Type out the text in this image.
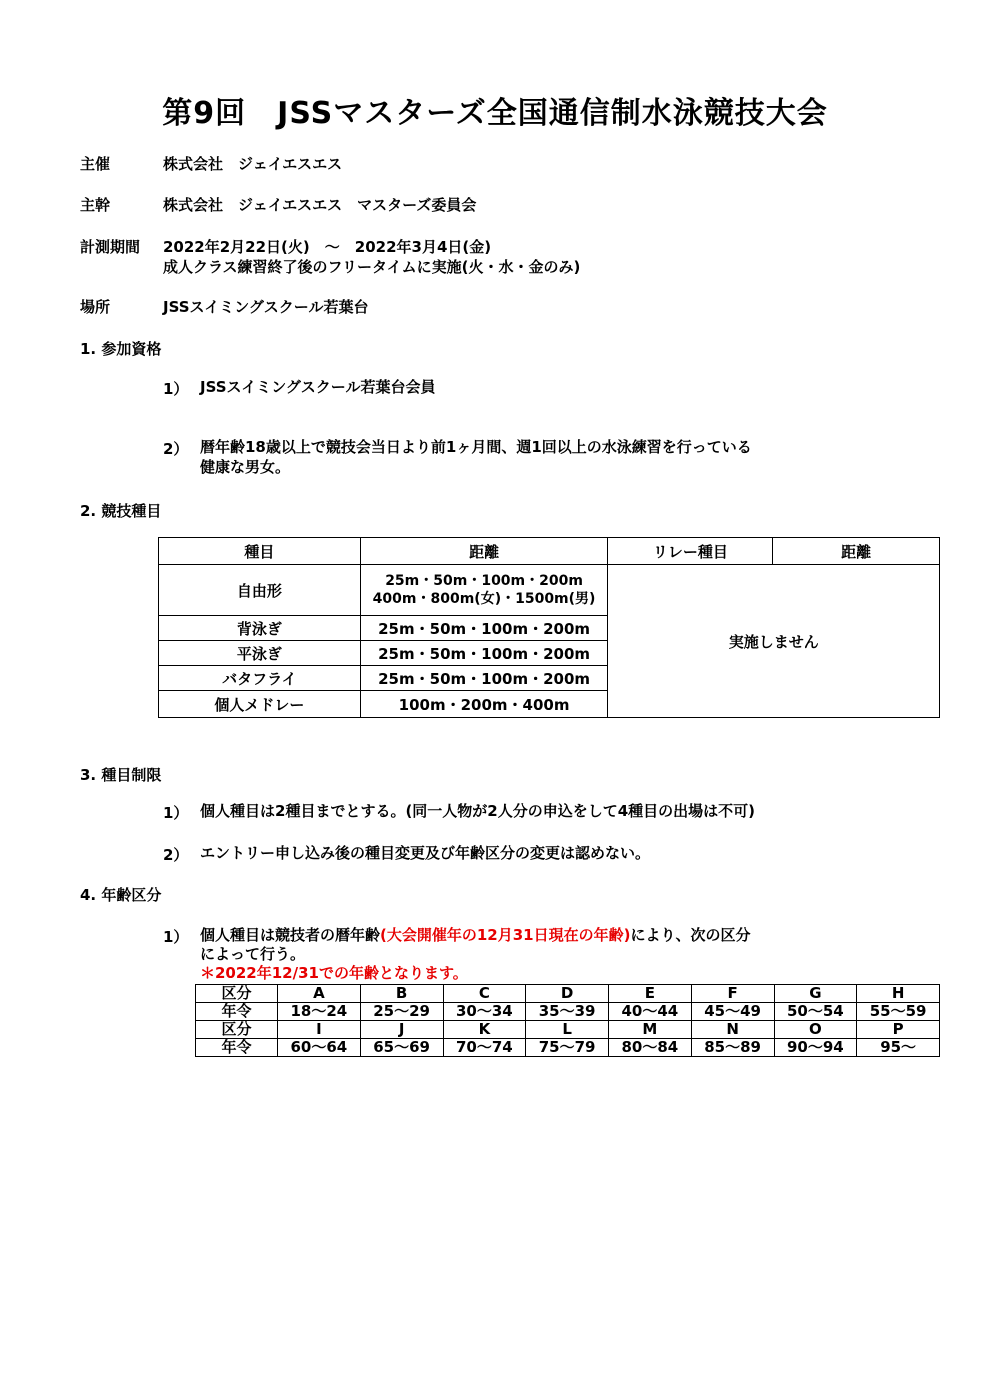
第9回　JSSマスターズ全国通信制水泳競技大会
主催	株式会社　ジェイエスエス
主幹	株式会社　ジェイエスエス　マスターズ委員会
計測期間 2022年2月22日(火)　～　2022年3月4日(金)
成人クラス練習終了後のフリータイムに実施(火・水・金のみ)
場所	JSSスイミングスクール若葉台
1. 参加資格
1） JSSスイミングスクール若葉台会員
2） 暦年齢18歳以上で競技会当日より前1ヶ月間、週1回以上の水泳練習を行っている
健康な男女。
2. 競技種目
種目	距離	リレー種目	距離
自由形	25m・50m・100m・200m
400m・800m(女)・1500m(男)	実施しません	
背泳ぎ	25m・50m・100m・200m		
平泳ぎ	25m・50m・100m・200m		
バタフライ	25m・50m・100m・200m		
個人メドレー	100m・200m・400m		
3. 種目制限
1） 個人種目は2種目までとする。(同一人物が2人分の申込をして4種目の出場は不可)
2） エントリー申し込み後の種目変更及び年齢区分の変更は認めない。
4. 年齢区分
1） 個人種目は競技者の暦年齢(大会開催年の12月31日現在の年齢)により、次の区分
によって行う。
＊2022年12/31での年齢となります。
区分	A	B	C	D	E	F	G	H
年令	18～24	25～29	30～34	35～39	40～44	45～49	50～54	55～59
区分	I	J	K	L	M	N	O	P
年令	60～64	65～69	70～74	75～79	80～84	85～89	90～94	95～
